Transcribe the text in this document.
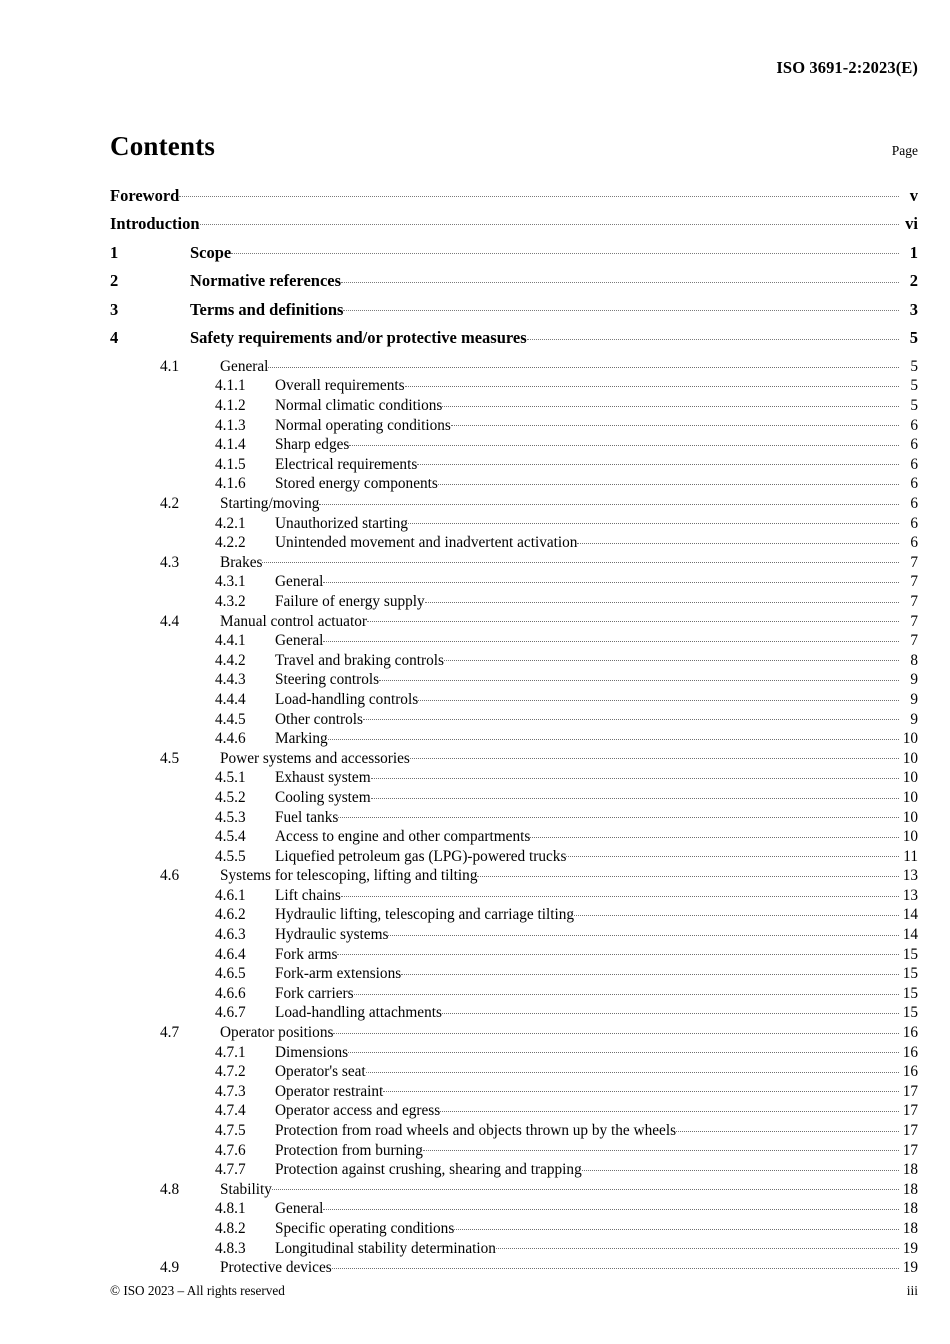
ISO 3691-2:2023(E)
Contents	Page
Foreword	v
Introduction	vi
1	Scope	1
2	Normative references	2
3	Terms and definitions	3
4	Safety requirements and/or protective measures	5
4.1	General	5
4.1.1	Overall requirements	5
4.1.2	Normal climatic conditions	5
4.1.3	Normal operating conditions	6
4.1.4	Sharp edges	6
4.1.5	Electrical requirements	6
4.1.6	Stored energy components	6
4.2	Starting/moving	6
4.2.1	Unauthorized starting	6
4.2.2	Unintended movement and inadvertent activation	6
4.3	Brakes	7
4.3.1	General	7
4.3.2	Failure of energy supply	7
4.4	Manual control actuator	7
4.4.1	General	7
4.4.2	Travel and braking controls	8
4.4.3	Steering controls	9
4.4.4	Load-handling controls	9
4.4.5	Other controls	9
4.4.6	Marking	10
4.5	Power systems and accessories	10
4.5.1	Exhaust system	10
4.5.2	Cooling system	10
4.5.3	Fuel tanks	10
4.5.4	Access to engine and other compartments	10
4.5.5	Liquefied petroleum gas (LPG)-powered trucks	11
4.6	Systems for telescoping, lifting and tilting	13
4.6.1	Lift chains	13
4.6.2	Hydraulic lifting, telescoping and carriage tilting	14
4.6.3	Hydraulic systems	14
4.6.4	Fork arms	15
4.6.5	Fork-arm extensions	15
4.6.6	Fork carriers	15
4.6.7	Load-handling attachments	15
4.7	Operator positions	16
4.7.1	Dimensions	16
4.7.2	Operator's seat	16
4.7.3	Operator restraint	17
4.7.4	Operator access and egress	17
4.7.5	Protection from road wheels and objects thrown up by the wheels	17
4.7.6	Protection from burning	17
4.7.7	Protection against crushing, shearing and trapping	18
4.8	Stability	18
4.8.1	General	18
4.8.2	Specific operating conditions	18
4.8.3	Longitudinal stability determination	19
4.9	Protective devices	19
© ISO 2023 – All rights reserved	iii
